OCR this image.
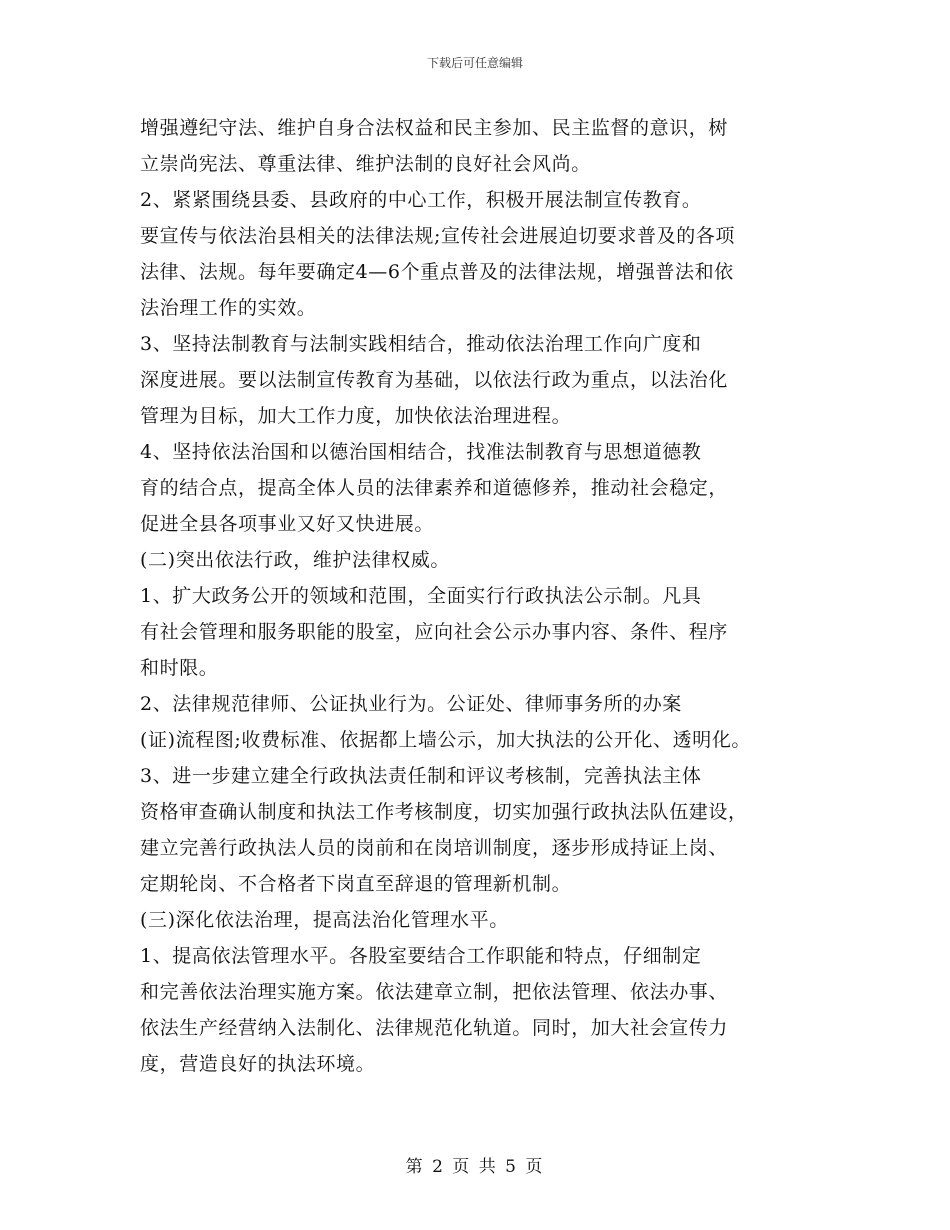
下载后可任意编辑
增强遵纪守法、维护自身合法权益和民主参加、民主监督的意识，树
立崇尚宪法、尊重法律、维护法制的良好社会风尚。
2、紧紧围绕县委、县政府的中心工作，积极开展法制宣传教育。
要宣传与依法治县相关的法律法规;宣传社会进展迫切要求普及的各项
法律、法规。每年要确定4—6个重点普及的法律法规，增强普法和依
法治理工作的实效。
3、坚持法制教育与法制实践相结合，推动依法治理工作向广度和
深度进展。要以法制宣传教育为基础，以依法行政为重点，以法治化
管理为目标，加大工作力度，加快依法治理进程。
4、坚持依法治国和以德治国相结合，找准法制教育与思想道德教
育的结合点，提高全体人员的法律素养和道德修养，推动社会稳定，
促进全县各项事业又好又快进展。
(二)突出依法行政，维护法律权威。
1、扩大政务公开的领域和范围，全面实行行政执法公示制。凡具
有社会管理和服务职能的股室，应向社会公示办事内容、条件、程序
和时限。
2、法律规范律师、公证执业行为。公证处、律师事务所的办案
(证)流程图;收费标准、依据都上墙公示，加大执法的公开化、透明化。
3、进一步建立建全行政执法责任制和评议考核制，完善执法主体
资格审查确认制度和执法工作考核制度，切实加强行政执法队伍建设，
建立完善行政执法人员的岗前和在岗培训制度，逐步形成持证上岗、
定期轮岗、不合格者下岗直至辞退的管理新机制。
(三)深化依法治理，提高法治化管理水平。
1、提高依法管理水平。各股室要结合工作职能和特点，仔细制定
和完善依法治理实施方案。依法建章立制，把依法管理、依法办事、
依法生产经营纳入法制化、法律规范化轨道。同时，加大社会宣传力
度，营造良好的执法环境。
第 2 页 共 5 页
